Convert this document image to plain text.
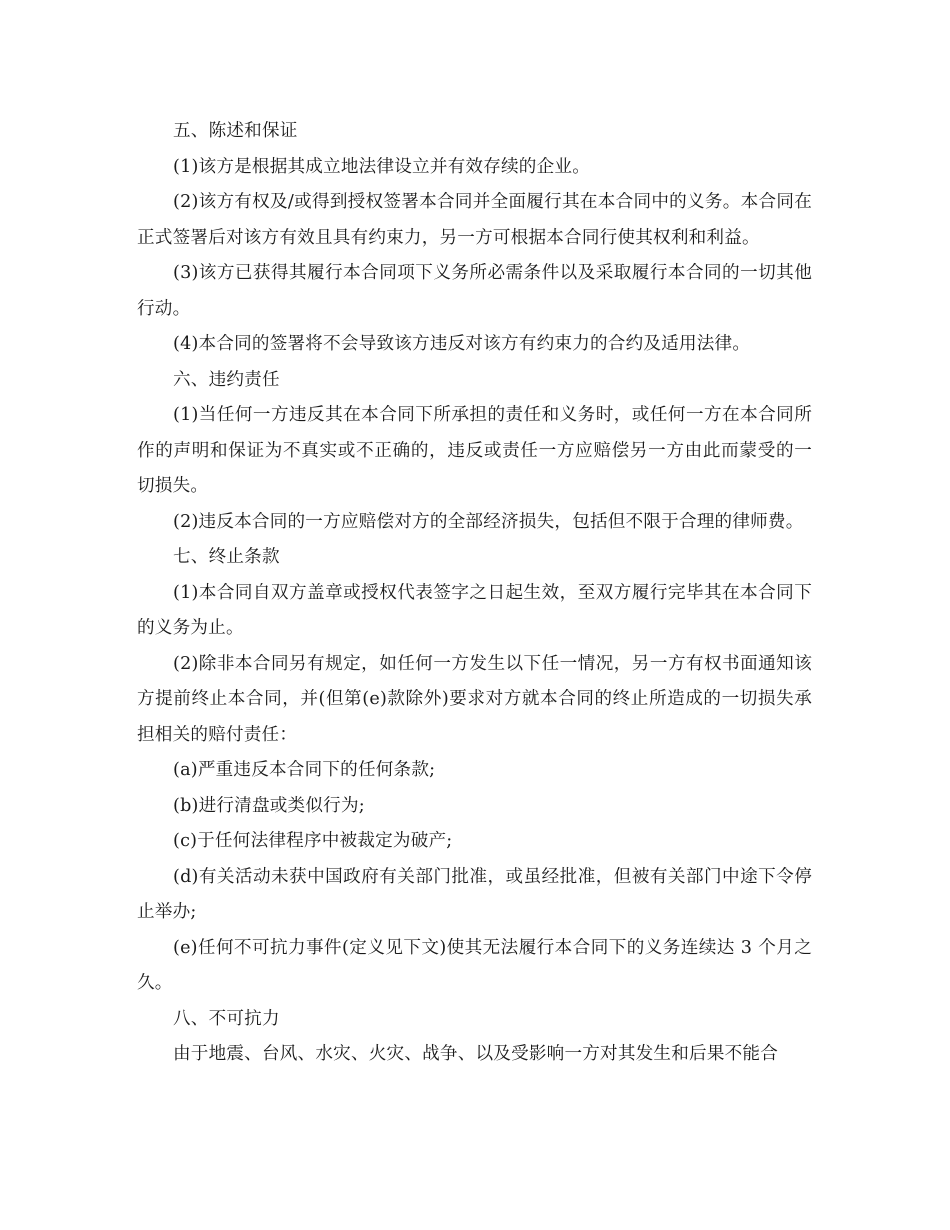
五、陈述和保证

(1)该方是根据其成立地法律设立并有效存续的企业。

(2)该方有权及/或得到授权签署本合同并全面履行其在本合同中的义务。本合同在正式签署后对该方有效且具有约束力，另一方可根据本合同行使其权利和利益。

(3)该方已获得其履行本合同项下义务所必需条件以及采取履行本合同的一切其他行动。

(4)本合同的签署将不会导致该方违反对该方有约束力的合约及适用法律。

六、违约责任

(1)当任何一方违反其在本合同下所承担的责任和义务时，或任何一方在本合同所作的声明和保证为不真实或不正确的，违反或责任一方应赔偿另一方由此而蒙受的一切损失。

(2)违反本合同的一方应赔偿对方的全部经济损失，包括但不限于合理的律师费。

七、终止条款

(1)本合同自双方盖章或授权代表签字之日起生效，至双方履行完毕其在本合同下的义务为止。

(2)除非本合同另有规定，如任何一方发生以下任一情况，另一方有权书面通知该方提前终止本合同，并(但第(e)款除外)要求对方就本合同的终止所造成的一切损失承担相关的赔付责任：

(a)严重违反本合同下的任何条款;

(b)进行清盘或类似行为;

(c)于任何法律程序中被裁定为破产;

(d)有关活动未获中国政府有关部门批准，或虽经批准，但被有关部门中途下令停止举办;

(e)任何不可抗力事件(定义见下文)使其无法履行本合同下的义务连续达 3 个月之久。

八、不可抗力

由于地震、台风、水灾、火灾、战争、以及受影响一方对其发生和后果不能合
